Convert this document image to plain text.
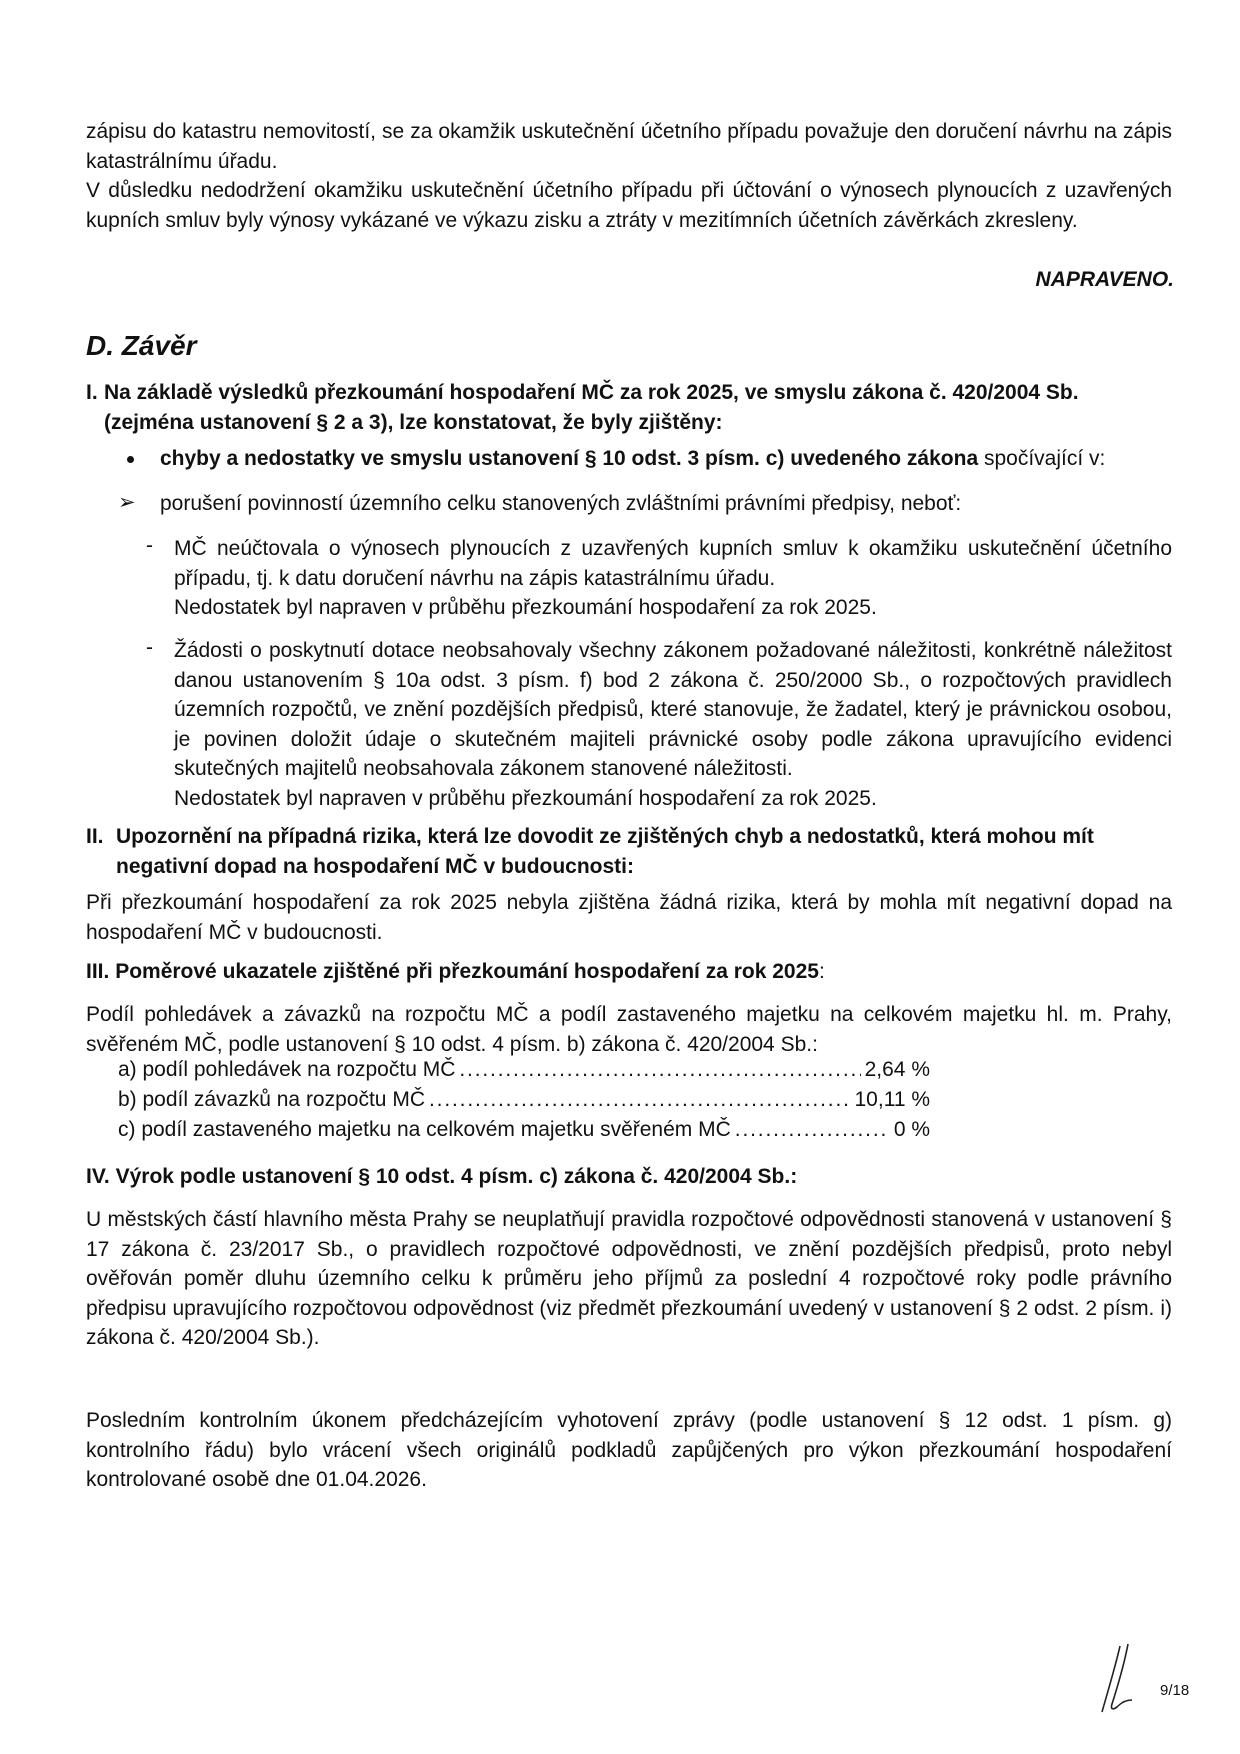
zápisu do katastru nemovitostí, se za okamžik uskutečnění účetního případu považuje den doručení návrhu na zápis katastrálnímu úřadu.

V důsledku nedodržení okamžiku uskutečnění účetního případu při účtování o výnosech plynoucích z uzavřených kupních smluv byly výnosy vykázané ve výkazu zisku a ztráty v mezitímních účetních závěrkách zkresleny.

NAPRAVENO.
D. Závěr
I. Na základě výsledků přezkoumání hospodaření MČ za rok 2025, ve smyslu zákona č. 420/2004 Sb.
(zejména ustanovení § 2 a 3), lze konstatovat, že byly zjištěny:
chyby a nedostatky ve smyslu ustanovení § 10 odst. 3 písm. c) uvedeného zákona spočívající v:
➢ porušení povinností územního celku stanovených zvláštními právními předpisy, neboť:
- MČ neúčtovala o výnosech plynoucích z uzavřených kupních smluv k okamžiku uskutečnění účetního případu, tj. k datu doručení návrhu na zápis katastrálnímu úřadu.

Nedostatek byl napraven v průběhu přezkoumání hospodaření za rok 2025.

- Žádosti o poskytnutí dotace neobsahovaly všechny zákonem požadované náležitosti, konkrétně náležitost danou ustanovením § 10a odst. 3 písm. f) bod 2 zákona č. 250/2000 Sb., o rozpočtových pravidlech územních rozpočtů, ve znění pozdějších předpisů, které stanovuje, že žadatel, který je právnickou osobou, je povinen doložit údaje o skutečném majiteli právnické osoby podle zákona upravujícího evidenci skutečných majitelů neobsahovala zákonem stanovené náležitosti.

Nedostatek byl napraven v průběhu přezkoumání hospodaření za rok 2025.

II. Upozornění na případná rizika, která lze dovodit ze zjištěných chyb a nedostatků, která mohou mít
negativní dopad na hospodaření MČ v budoucnosti:

Při přezkoumání hospodaření za rok 2025 nebyla zjištěna žádná rizika, která by mohla mít negativní dopad na hospodaření MČ v budoucnosti.

III. Poměrové ukazatele zjištěné při přezkoumání hospodaření za rok 2025:

Podíl pohledávek a závazků na rozpočtu MČ a podíl zastaveného majetku na celkovém majetku hl. m. Prahy, svěřeném MČ, podle ustanovení § 10 odst. 4 písm. b) zákona č. 420/2004 Sb.:

a) podíl pohledávek na rozpočtu MČ . . .	2,64 %
b) podíl závazků na rozpočtu MČ . . .	10,11 %
c) podíl zastaveného majetku na celkovém majetku svěřeném MČ . . .	0 %
IV. Výrok podle ustanovení § 10 odst. 4 písm. c) zákona č. 420/2004 Sb.:

U městských částí hlavního města Prahy se neuplatňují pravidla rozpočtové odpovědnosti stanovená v ustanovení § 17 zákona č. 23/2017 Sb., o pravidlech rozpočtové odpovědnosti, ve znění pozdějších předpisů, proto nebyl ověřován poměr dluhu územního celku k průměru jeho příjmů za poslední 4 rozpočtové roky podle právního předpisu upravujícího rozpočtovou odpovědnost (viz předmět přezkoumání uvedený v ustanovení § 2 odst. 2 písm. i) zákona č. 420/2004 Sb.).

Posledním kontrolním úkonem předcházejícím vyhotovení zprávy (podle ustanovení § 12 odst. 1 písm. g) kontrolního řádu) bylo vrácení všech originálů podkladů zapůjčených pro výkon přezkoumání hospodaření kontrolované osobě dne 01.04.2026.

9/18
